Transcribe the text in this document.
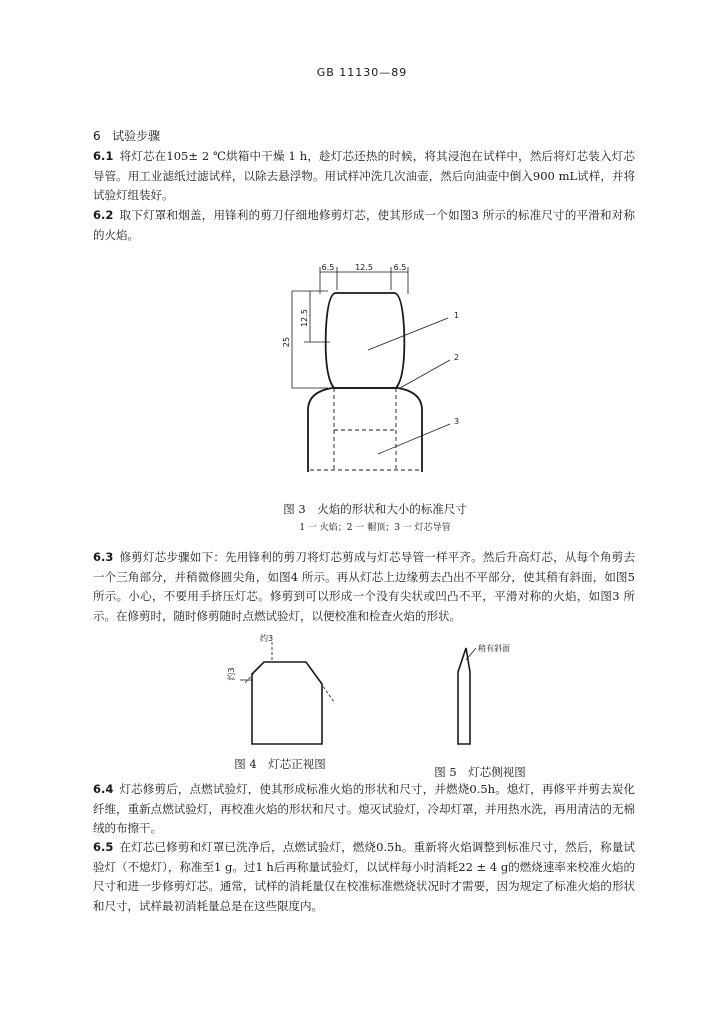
GB 11130—89
6 试验步骤
6.1 将灯芯在105± 2 ℃烘箱中干燥 1 h，趁灯芯还热的时候，将其浸泡在试样中，然后将灯芯装入灯芯导管。用工业滤纸过滤试样，以除去悬浮物。用试样冲洗几次油壶，然后向油壶中倒入900 mL试样，并将试验灯组装好。
6.2 取下灯罩和烟盖，用锋利的剪刀仔细地修剪灯芯，使其形成一个如图3 所示的标准尺寸的平滑和对称的火焰。
6.5	12.5	6.5
12.5
25
1
2
3
图 3　火焰的形状和大小的标准尺寸
1 一 火焰；2 一 帽顶；3 一 灯芯导管
6.3 修剪灯芯步骤如下：先用锋利的剪刀将灯芯剪成与灯芯导管一样平齐。然后升高灯芯，从每个角剪去一个三角部分，并稍微修圆尖角，如图4 所示。再从灯芯上边缘剪去凸出不平部分，使其稍有斜面，如图5 所示。小心，不要用手挤压灯芯。修剪到可以形成一个没有尖状或凹凸不平，平滑对称的火焰，如图3 所示。在修剪时，随时修剪随时点燃试验灯，以便校准和检查火焰的形状。
约3
约3
稍有斜面
图 4　灯芯正视图
图 5　灯芯侧视图
6.4 灯芯修剪后，点燃试验灯，使其形成标准火焰的形状和尺寸，并燃烧0.5h。熄灯，再修平并剪去炭化纤维，重新点燃试验灯，再校准火焰的形状和尺寸。熄灭试验灯，冷却灯罩，并用热水洗，再用清洁的无棉绒的布擦干。
6.5 在灯芯已修剪和灯罩已洗净后，点燃试验灯，燃烧0.5h。重新将火焰调整到标准尺寸，然后，称量试验灯（不熄灯），称准至1 g。过1 h后再称量试验灯，以试样每小时消耗22 ± 4 g的燃烧速率来校准火焰的尺寸和进一步修剪灯芯。通常，试样的消耗量仅在校准标准燃烧状况时才需要，因为规定了标准火焰的形状和尺寸，试样最初消耗量总是在这些限度内。
